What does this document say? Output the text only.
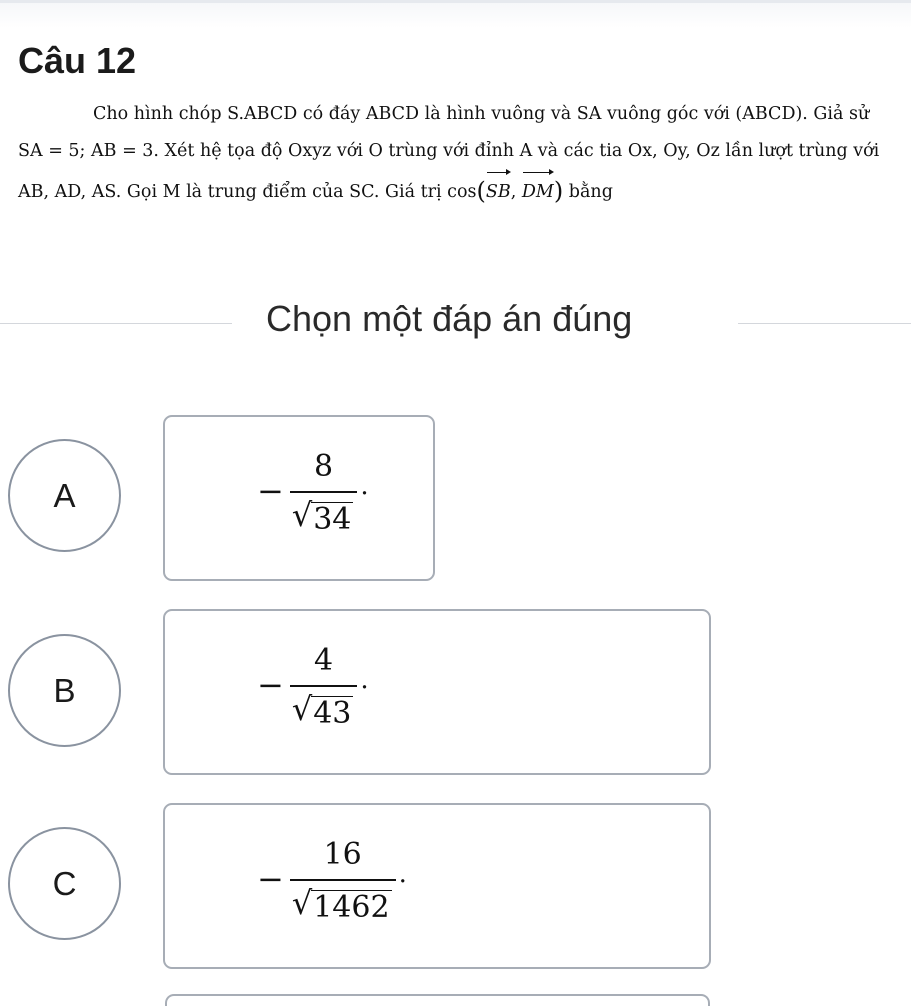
Câu 12
Cho hình chóp S.ABCD có đáy ABCD là hình vuông và SA vuông góc với (ABCD). Giả sử
SA = 5; AB = 3. Xét hệ tọa độ Oxyz với O trùng với đỉnh A và các tia Ox, Oy, Oz lần lượt trùng với
AB, AD, AS. Gọi M là trung điểm của SC. Giá trị cos(SB, DM) bằng
Chọn một đáp án đúng
A	− $\frac{8}{√ 34}$ .
B	− $\frac{4}{√ 43}$ .
C	− $\frac{16}{√ 1462}$ .
